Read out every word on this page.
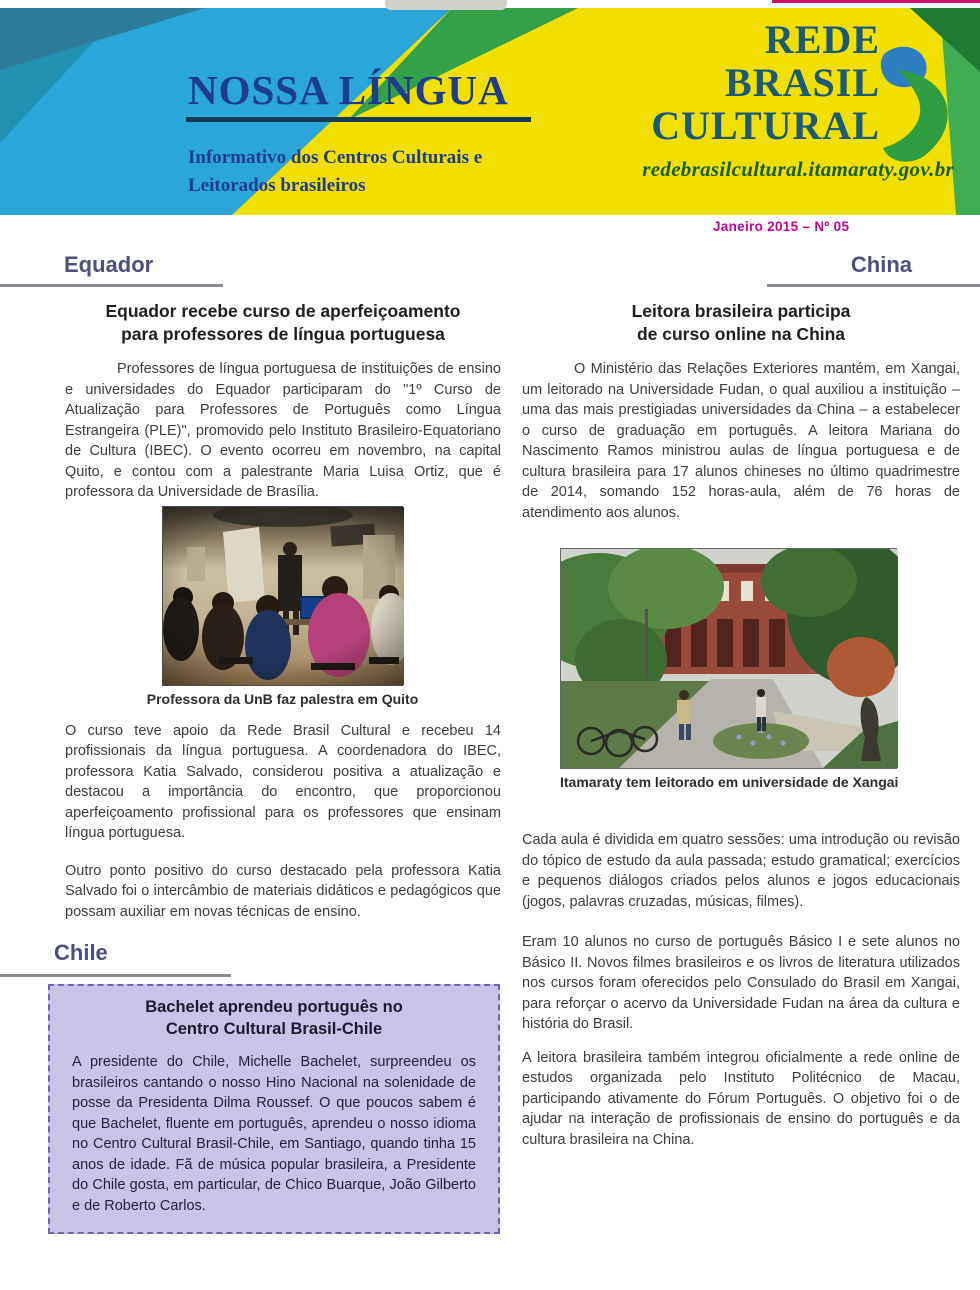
NOSSA LÍNGUA
Informativo dos Centros Culturais e
Leitorados brasileiros
REDE
BRASIL
CULTURAL
redebrasilcultural.itamaraty.gov.br
Janeiro 2015 – Nº 05
Equador	China
Chile
Equador recebe curso de aperfeiçoamento
para professores de língua portuguesa

Professores de língua portuguesa de instituições de ensino e universidades do Equador participaram do "1º Curso de Atualização para Professores de Português como Língua Estrangeira (PLE)", promovido pelo Instituto Brasileiro-Equatoriano de Cultura (IBEC). O evento ocorreu em novembro, na capital Quito, e contou com a palestrante Maria Luisa Ortiz, que é professora da Universidade de Brasília.

Professora da UnB faz palestra em Quito

O curso teve apoio da Rede Brasil Cultural e recebeu 14 profissionais da língua portuguesa. A coordenadora do IBEC, professora Katia Salvado, considerou positiva a atualização e destacou a importância do encontro, que proporcionou aperfeiçoamento profissional para os professores que ensinam língua portuguesa.

Outro ponto positivo do curso destacado pela professora Katia Salvado foi o intercâmbio de materiais didáticos e pedagógicos que possam auxiliar em novas técnicas de ensino.

Bachelet aprendeu português no
Centro Cultural Brasil-Chile

A presidente do Chile, Michelle Bachelet, surpreendeu os brasileiros cantando o nosso Hino Nacional na solenidade de posse da Presidenta Dilma Roussef. O que poucos sabem é que Bachelet, fluente em português, aprendeu o nosso idioma no Centro Cultural Brasil-Chile, em Santiago, quando tinha 15 anos de idade. Fã de música popular brasileira, a Presidente do Chile gosta, em particular, de Chico Buarque, João Gilberto e de Roberto Carlos.

Leitora brasileira participa
de curso online na China

O Ministério das Relações Exteriores mantém, em Xangai, um leitorado na Universidade Fudan, o qual auxiliou a instituição – uma das mais prestigiadas universidades da China – a estabelecer o curso de graduação em português. A leitora Mariana do Nascimento Ramos ministrou aulas de língua portuguesa e de cultura brasileira para 17 alunos chineses no último quadrimestre de 2014, somando 152 horas-aula, além de 76 horas de atendimento aos alunos.

Itamaraty tem leitorado em universidade de Xangai

Cada aula é dividida em quatro sessões: uma introdução ou revisão do tópico de estudo da aula passada; estudo gramatical; exercícios e pequenos diálogos criados pelos alunos e jogos educacionais (jogos, palavras cruzadas, músicas, filmes).

Eram 10 alunos no curso de português Básico I e sete alunos no Básico II. Novos filmes brasileiros e os livros de literatura utilizados nos cursos foram oferecidos pelo Consulado do Brasil em Xangai, para reforçar o acervo da Universidade Fudan na área da cultura e história do Brasil.

A leitora brasileira também integrou oficialmente a rede online de estudos organizada pelo Instituto Politécnico de Macau, participando ativamente do Fórum Português. O objetivo foi o de ajudar na interação de profissionais de ensino do português e da cultura brasileira na China.
